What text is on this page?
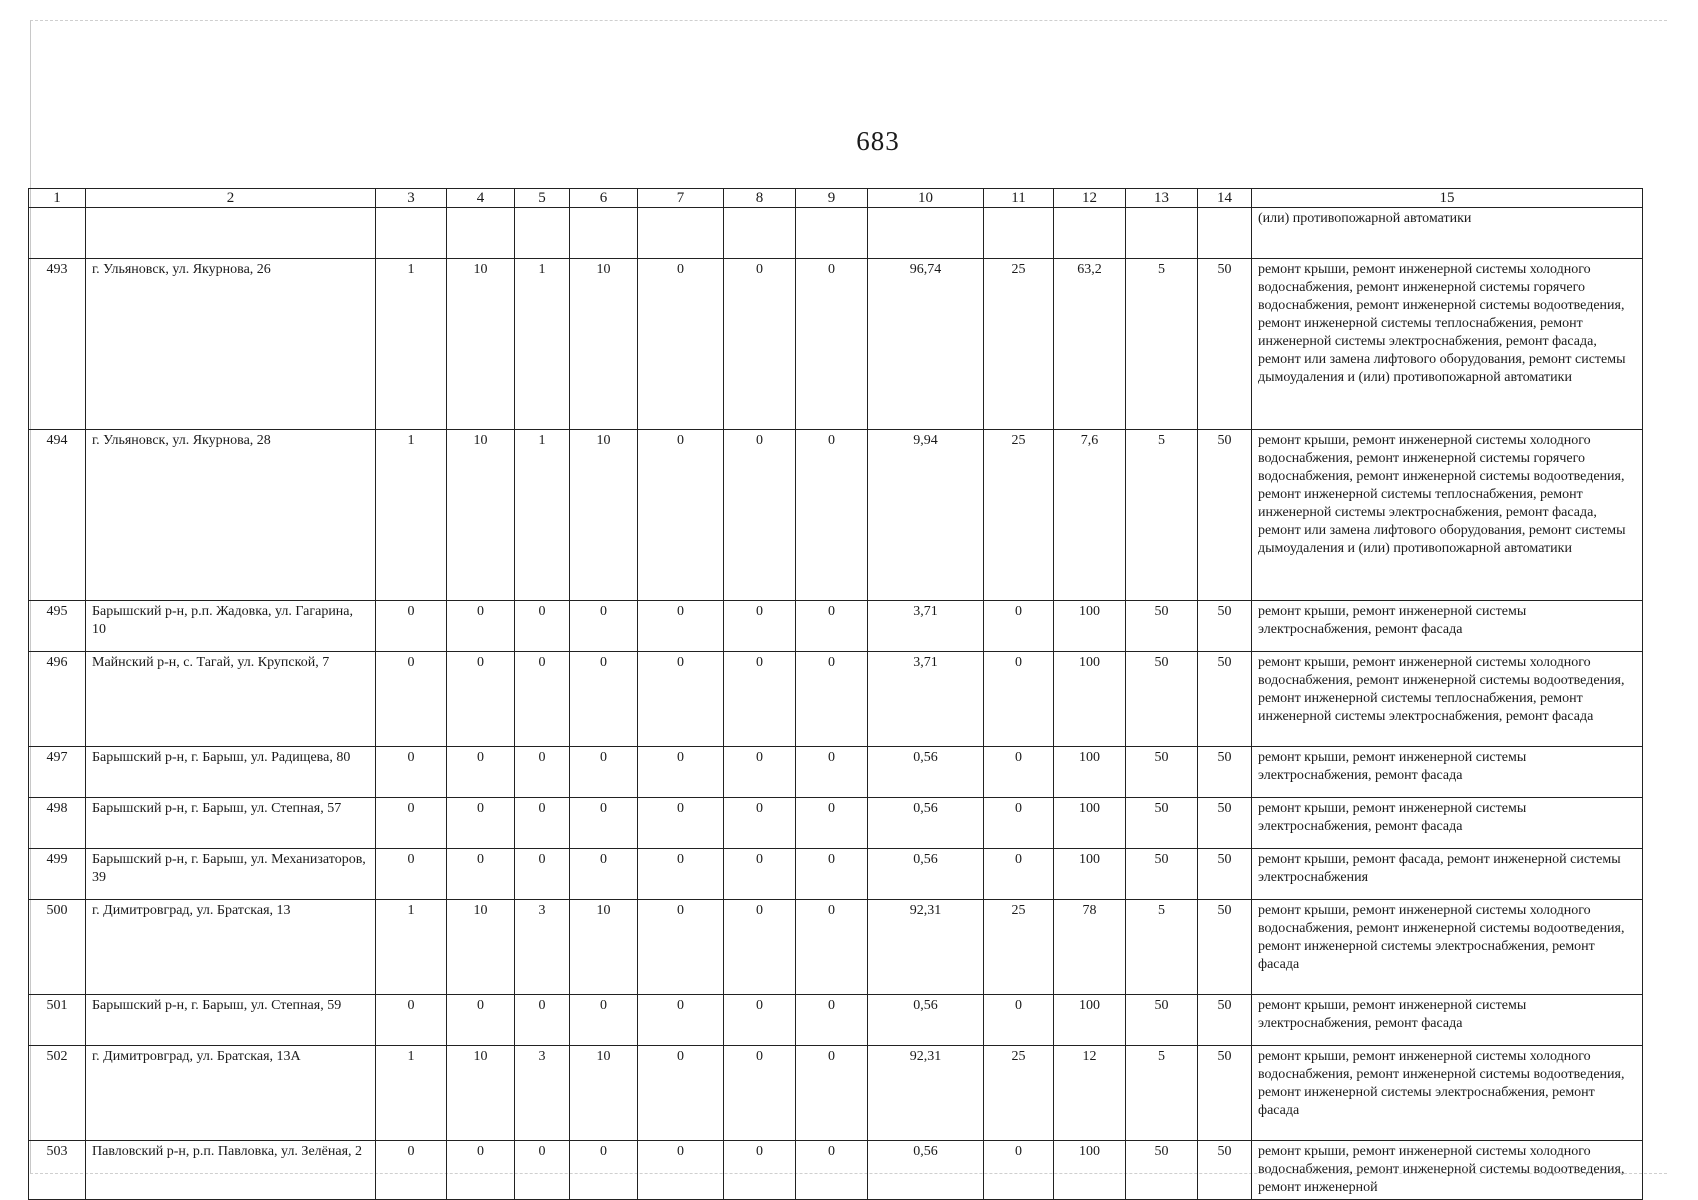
683
1	2	3	4	5	6	7	8	9	10	11	12	13	14	15
														(или) противопожарной автоматики
493	г. Ульяновск, ул. Якурнова, 26	1	10	1	10	0	0	0	96,74	25	63,2	5	50	ремонт крыши, ремонт инженерной системы холодного водоснабжения, ремонт инженерной системы горячего водоснабжения, ремонт инженерной системы водоотведения, ремонт инженерной системы теплоснабжения, ремонт инженерной системы электроснабжения, ремонт фасада, ремонт или замена лифтового оборудования, ремонт системы дымоудаления и (или) противопожарной автоматики
494	г. Ульяновск, ул. Якурнова, 28	1	10	1	10	0	0	0	9,94	25	7,6	5	50	ремонт крыши, ремонт инженерной системы холодного водоснабжения, ремонт инженерной системы горячего водоснабжения, ремонт инженерной системы водоотведения, ремонт инженерной системы теплоснабжения, ремонт инженерной системы электроснабжения, ремонт фасада, ремонт или замена лифтового оборудования, ремонт системы дымоудаления и (или) противопожарной автоматики
495	Барышский р-н, р.п. Жадовка, ул. Гагарина, 10	0	0	0	0	0	0	0	3,71	0	100	50	50	ремонт крыши, ремонт инженерной системы электроснабжения, ремонт фасада
496	Майнский р-н, с. Тагай, ул. Крупской, 7	0	0	0	0	0	0	0	3,71	0	100	50	50	ремонт крыши, ремонт инженерной системы холодного водоснабжения, ремонт инженерной системы водоотведения, ремонт инженерной системы теплоснабжения, ремонт инженерной системы электроснабжения, ремонт фасада
497	Барышский р-н, г. Барыш, ул. Радищева, 80	0	0	0	0	0	0	0	0,56	0	100	50	50	ремонт крыши, ремонт инженерной системы электроснабжения, ремонт фасада
498	Барышский р-н, г. Барыш, ул. Степная, 57	0	0	0	0	0	0	0	0,56	0	100	50	50	ремонт крыши, ремонт инженерной системы электроснабжения, ремонт фасада
499	Барышский р-н, г. Барыш, ул. Механизаторов, 39	0	0	0	0	0	0	0	0,56	0	100	50	50	ремонт крыши, ремонт фасада, ремонт инженерной системы электроснабжения
500	г. Димитровград, ул. Братская, 13	1	10	3	10	0	0	0	92,31	25	78	5	50	ремонт крыши, ремонт инженерной системы холодного водоснабжения, ремонт инженерной системы водоотведения, ремонт инженерной системы электроснабжения, ремонт фасада
501	Барышский р-н, г. Барыш, ул. Степная, 59	0	0	0	0	0	0	0	0,56	0	100	50	50	ремонт крыши, ремонт инженерной системы электроснабжения, ремонт фасада
502	г. Димитровград, ул. Братская, 13А	1	10	3	10	0	0	0	92,31	25	12	5	50	ремонт крыши, ремонт инженерной системы холодного водоснабжения, ремонт инженерной системы водоотведения, ремонт инженерной системы электроснабжения, ремонт фасада
503	Павловский р-н, р.п. Павловка, ул. Зелёная, 2	0	0	0	0	0	0	0	0,56	0	100	50	50	ремонт крыши, ремонт инженерной системы холодного водоснабжения, ремонт инженерной системы водоотведения, ремонт инженерной
